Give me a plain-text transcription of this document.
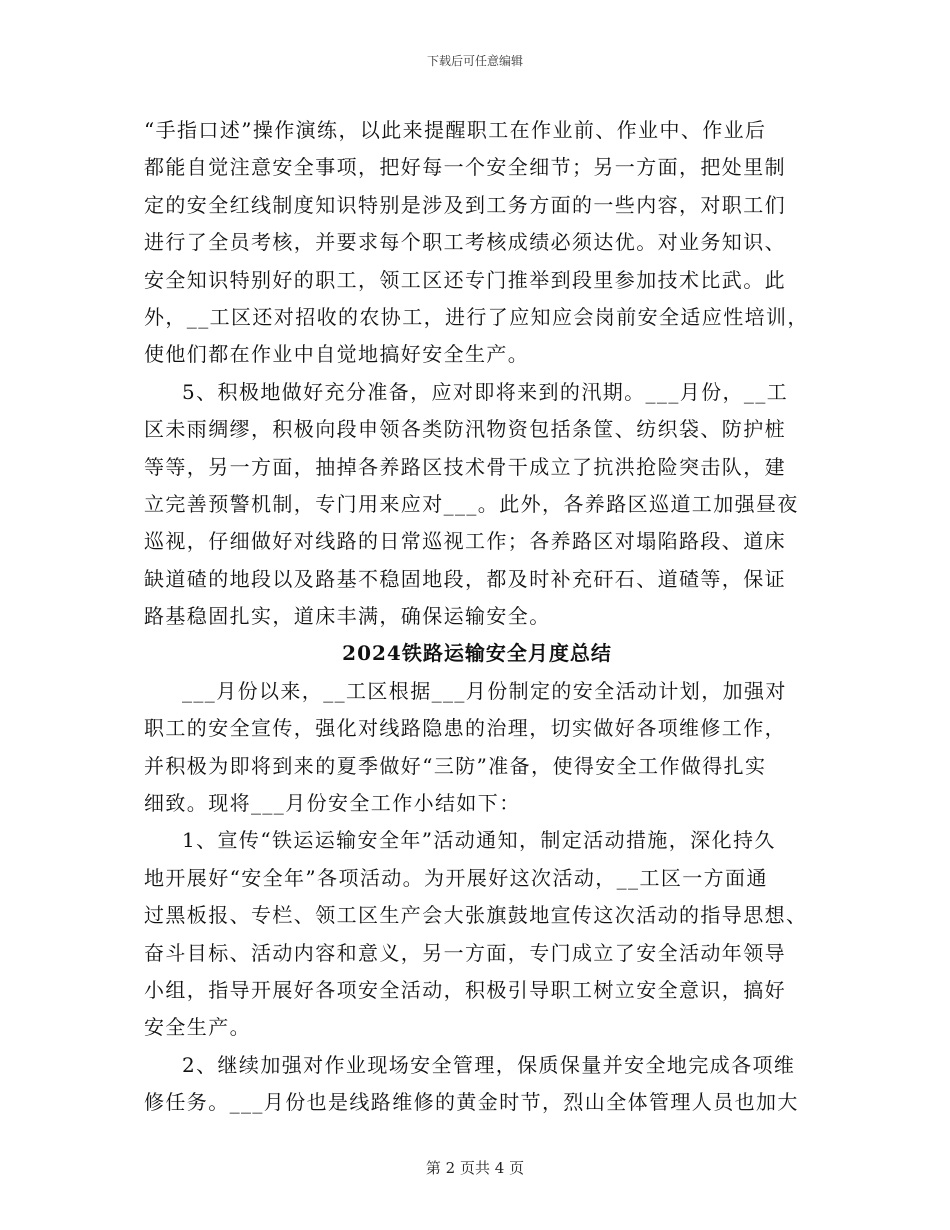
下载后可任意编辑
“手指口述”操作演练，以此来提醒职工在作业前、作业中、作业后
都能自觉注意安全事项，把好每一个安全细节；另一方面，把处里制
定的安全红线制度知识特别是涉及到工务方面的一些内容，对职工们
进行了全员考核，并要求每个职工考核成绩必须达优。对业务知识、
安全知识特别好的职工，领工区还专门推举到段里参加技术比武。此
外，__工区还对招收的农协工，进行了应知应会岗前安全适应性培训，
使他们都在作业中自觉地搞好安全生产。
5、积极地做好充分准备，应对即将来到的汛期。___月份，__工
区未雨绸缪，积极向段申领各类防汛物资包括条筐、纺织袋、防护桩
等等，另一方面，抽掉各养路区技术骨干成立了抗洪抢险突击队，建
立完善预警机制，专门用来应对___。此外，各养路区巡道工加强昼夜
巡视，仔细做好对线路的日常巡视工作；各养路区对塌陷路段、道床
缺道碴的地段以及路基不稳固地段，都及时补充矸石、道碴等，保证
路基稳固扎实，道床丰满，确保运输安全。
2024铁路运输安全月度总结
___月份以来，__工区根据___月份制定的安全活动计划，加强对
职工的安全宣传，强化对线路隐患的治理，切实做好各项维修工作，
并积极为即将到来的夏季做好“三防”准备，使得安全工作做得扎实
细致。现将___月份安全工作小结如下：
1、宣传“铁运运输安全年”活动通知，制定活动措施，深化持久
地开展好“安全年”各项活动。为开展好这次活动，__工区一方面通
过黑板报、专栏、领工区生产会大张旗鼓地宣传这次活动的指导思想、
奋斗目标、活动内容和意义，另一方面，专门成立了安全活动年领导
小组，指导开展好各项安全活动，积极引导职工树立安全意识，搞好
安全生产。
2、继续加强对作业现场安全管理，保质保量并安全地完成各项维
修任务。___月份也是线路维修的黄金时节，烈山全体管理人员也加大
第 2 页共 4 页
